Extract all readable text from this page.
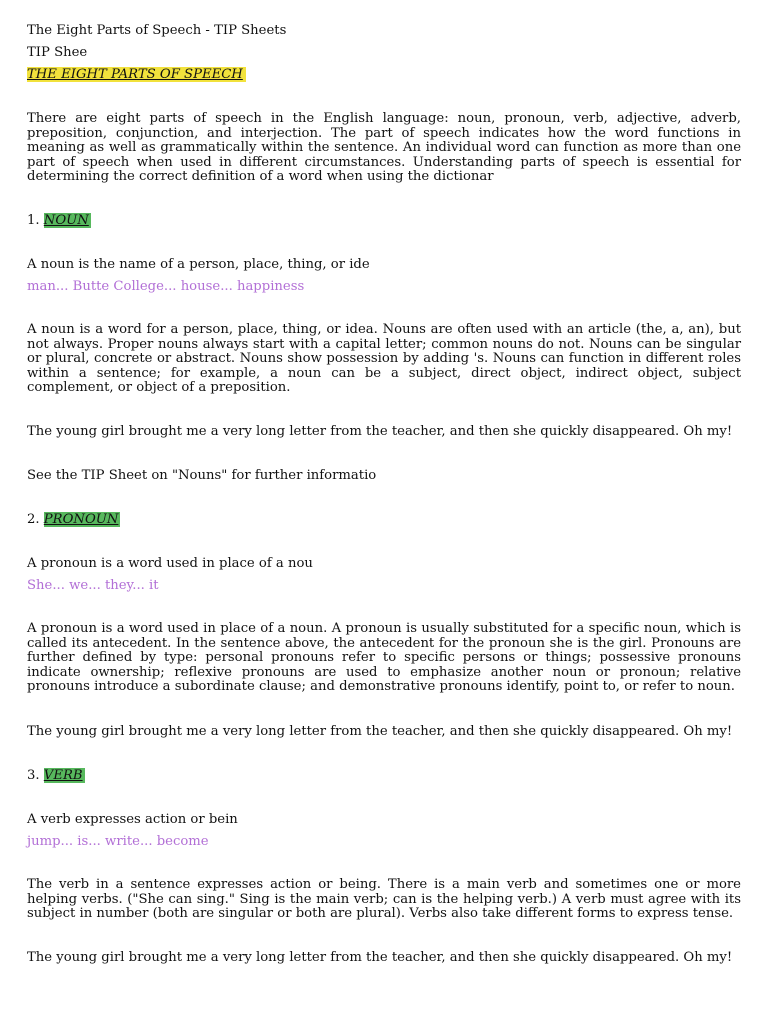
The Eight Parts of Speech - TIP Sheets
TIP Shee
THE EIGHT PARTS OF SPEECH
There are eight parts of speech in the English language: noun, pronoun, verb, adjective, adverb, preposition, conjunction, and interjection. The part of speech indicates how the word functions in meaning as well as grammatically within the sentence. An individual word can function as more than one part of speech when used in different circumstances. Understanding parts of speech is essential for determining the correct definition of a word when using the dictionar
1. NOUN
A noun is the name of a person, place, thing, or ide
man... Butte College... house... happiness
A noun is a word for a person, place, thing, or idea. Nouns are often used with an article (the, a, an), but not always. Proper nouns always start with a capital letter; common nouns do not. Nouns can be singular or plural, concrete or abstract. Nouns show possession by adding 's. Nouns can function in different roles within a sentence; for example, a noun can be a subject, direct object, indirect object, subject complement, or object of a preposition.
The young girl brought me a very long letter from the teacher, and then she quickly disappeared. Oh my!
See the TIP Sheet on "Nouns" for further informatio
2. PRONOUN
A pronoun is a word used in place of a nou
She... we... they... it
A pronoun is a word used in place of a noun. A pronoun is usually substituted for a specific noun, which is called its antecedent. In the sentence above, the antecedent for the pronoun she is the girl. Pronouns are further defined by type: personal pronouns refer to specific persons or things; possessive pronouns indicate ownership; reflexive pronouns are used to emphasize another noun or pronoun; relative pronouns introduce a subordinate clause; and demonstrative pronouns identify, point to, or refer to noun.
The young girl brought me a very long letter from the teacher, and then she quickly disappeared. Oh my!
3. VERB
A verb expresses action or bein
jump... is... write... become
The verb in a sentence expresses action or being. There is a main verb and sometimes one or more helping verbs. ("She can sing." Sing is the main verb; can is the helping verb.) A verb must agree with its subject in number (both are singular or both are plural). Verbs also take different forms to express tense.
The young girl brought me a very long letter from the teacher, and then she quickly disappeared. Oh my!
